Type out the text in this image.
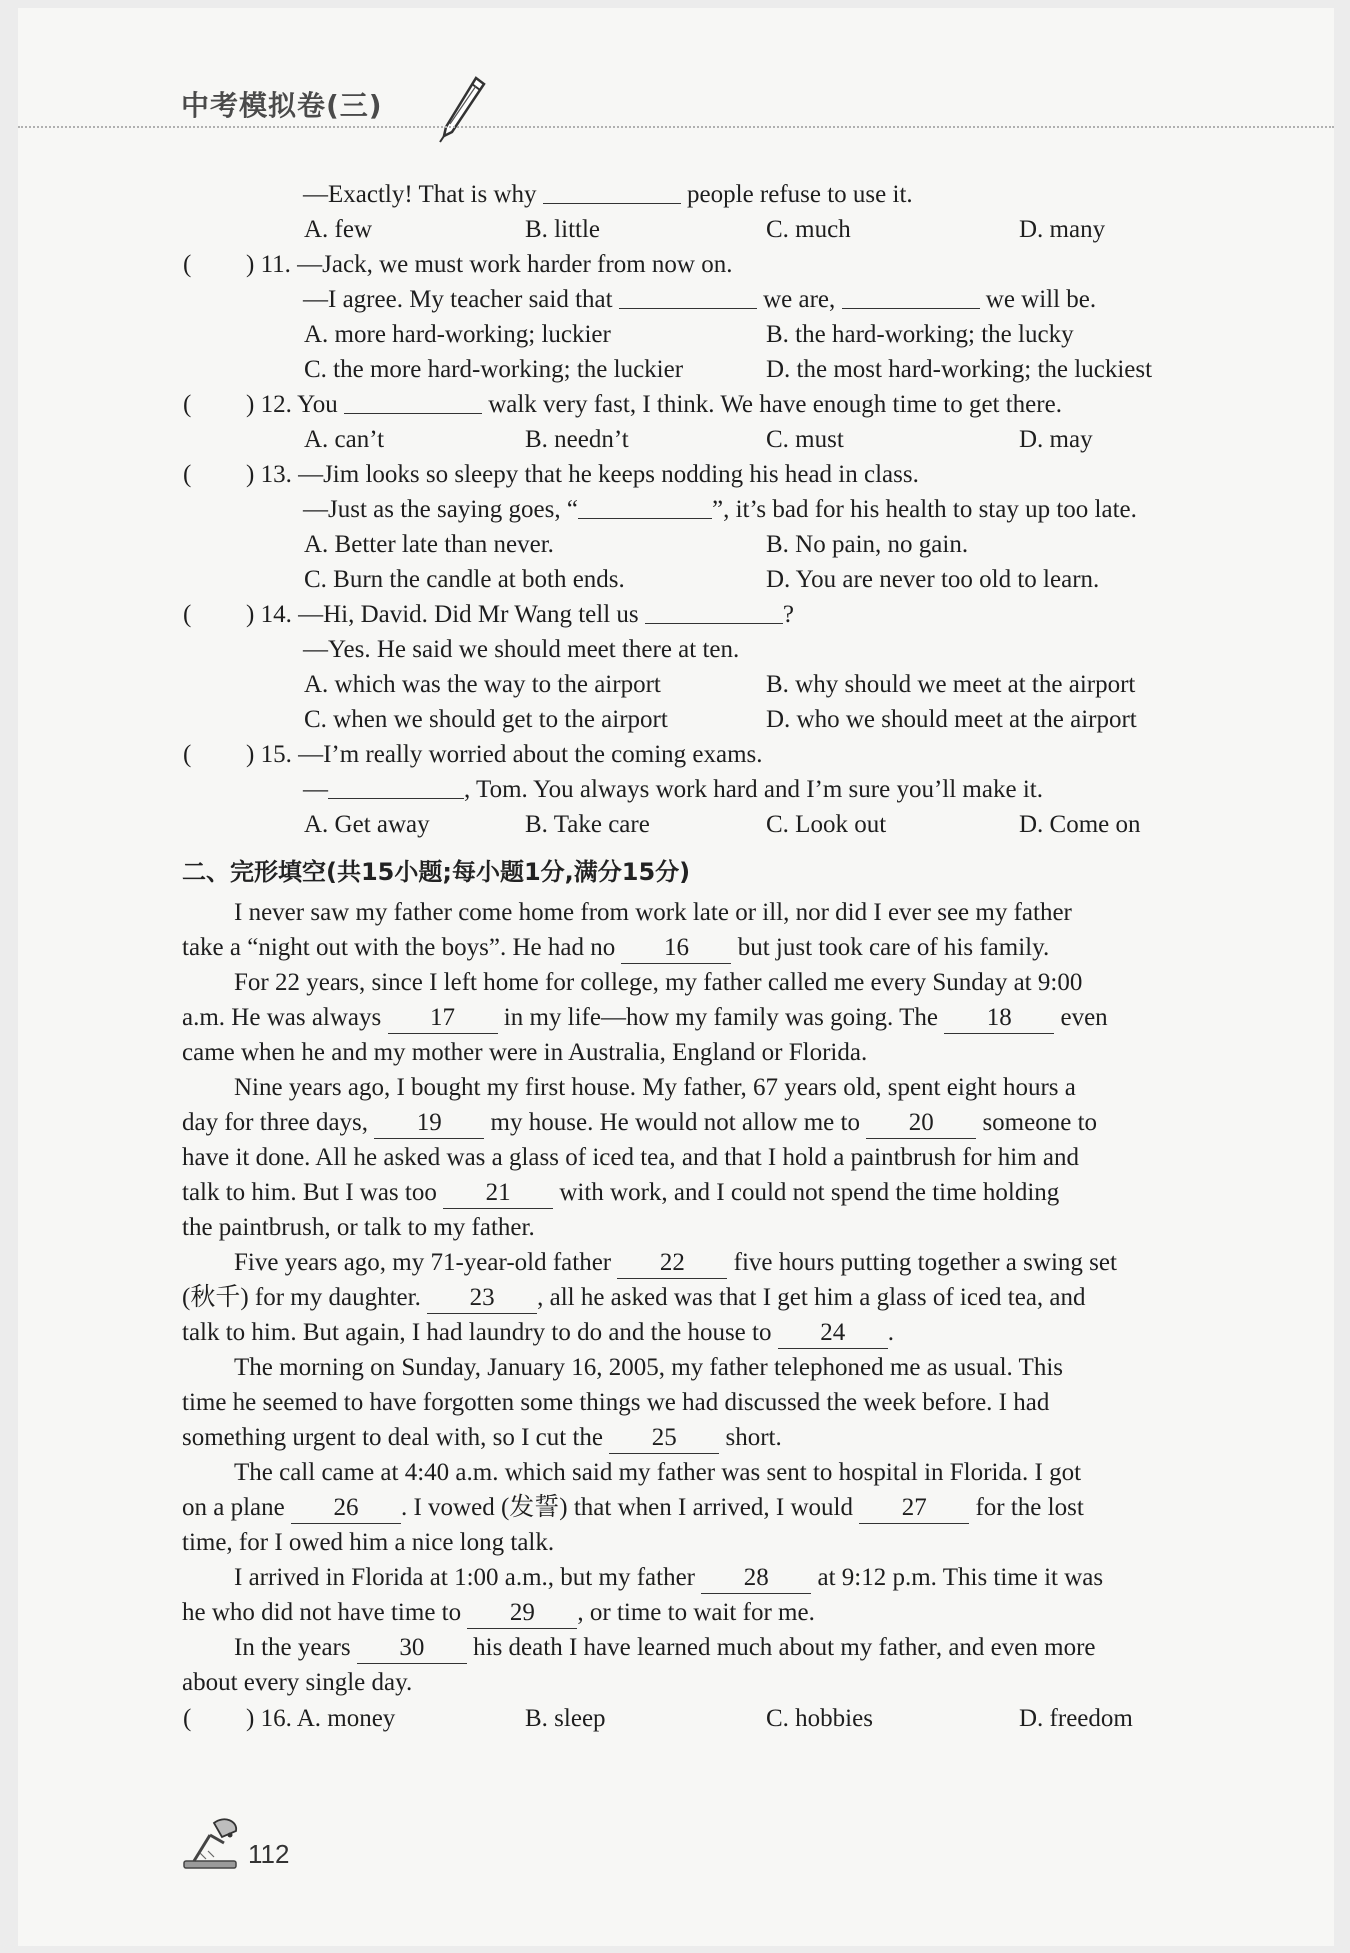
中考模拟卷(三)
—Exactly! That is why	people refuse to use it.
A. few	B. little	C. much	D. many
( ) 11. —Jack, we must work harder from now on.
—I agree. My teacher said that	we are,	we will be.
A. more hard-working; luckier	B. the hard-working; the lucky
C. the more hard-working; the luckier	D. the most hard-working; the luckiest
( ) 12. You	walk very fast, I think. We have enough time to get there.
A. can’t	B. needn’t	C. must	D. may
( ) 13. —Jim looks so sleepy that he keeps nodding his head in class.
—Just as the saying goes, “	”, it’s bad for his health to stay up too late.
A. Better late than never.	B. No pain, no gain.
C. Burn the candle at both ends.	D. You are never too old to learn.
( ) 14. —Hi, David. Did Mr Wang tell us	?
—Yes. He said we should meet there at ten.
A. which was the way to the airport	B. why should we meet at the airport
C. when we should get to the airport	D. who we should meet at the airport
( ) 15. —I’m really worried about the coming exams.
—	, Tom. You always work hard and I’m sure you’ll make it.
A. Get away	B. Take care	C. Look out	D. Come on
二、完形填空(共15小题;每小题1分,满分15分)
I never saw my father come home from work late or ill, nor did I ever see my father
take a “night out with the boys”. He had no 16 but just took care of his family.
For 22 years, since I left home for college, my father called me every Sunday at 9:00
a.m. He was always 17 in my life—how my family was going. The 18 even
came when he and my mother were in Australia, England or Florida.
Nine years ago, I bought my first house. My father, 67 years old, spent eight hours a
day for three days, 19 my house. He would not allow me to 20 someone to
have it done. All he asked was a glass of iced tea, and that I hold a paintbrush for him and
talk to him. But I was too 21 with work, and I could not spend the time holding
the paintbrush, or talk to my father.
Five years ago, my 71-year-old father 22 five hours putting together a swing set
(秋千) for my daughter. 23 , all he asked was that I get him a glass of iced tea, and
talk to him. But again, I had laundry to do and the house to 24 .
The morning on Sunday, January 16, 2005, my father telephoned me as usual. This
time he seemed to have forgotten some things we had discussed the week before. I had
something urgent to deal with, so I cut the 25 short.
The call came at 4:40 a.m. which said my father was sent to hospital in Florida. I got
on a plane 26 . I vowed (发誓) that when I arrived, I would 27 for the lost
time, for I owed him a nice long talk.
I arrived in Florida at 1:00 a.m., but my father 28 at 9:12 p.m. This time it was
he who did not have time to 29 , or time to wait for me.
In the years 30 his death I have learned much about my father, and even more
about every single day.
( ) 16. A. money	B. sleep	C. hobbies	D. freedom
112
